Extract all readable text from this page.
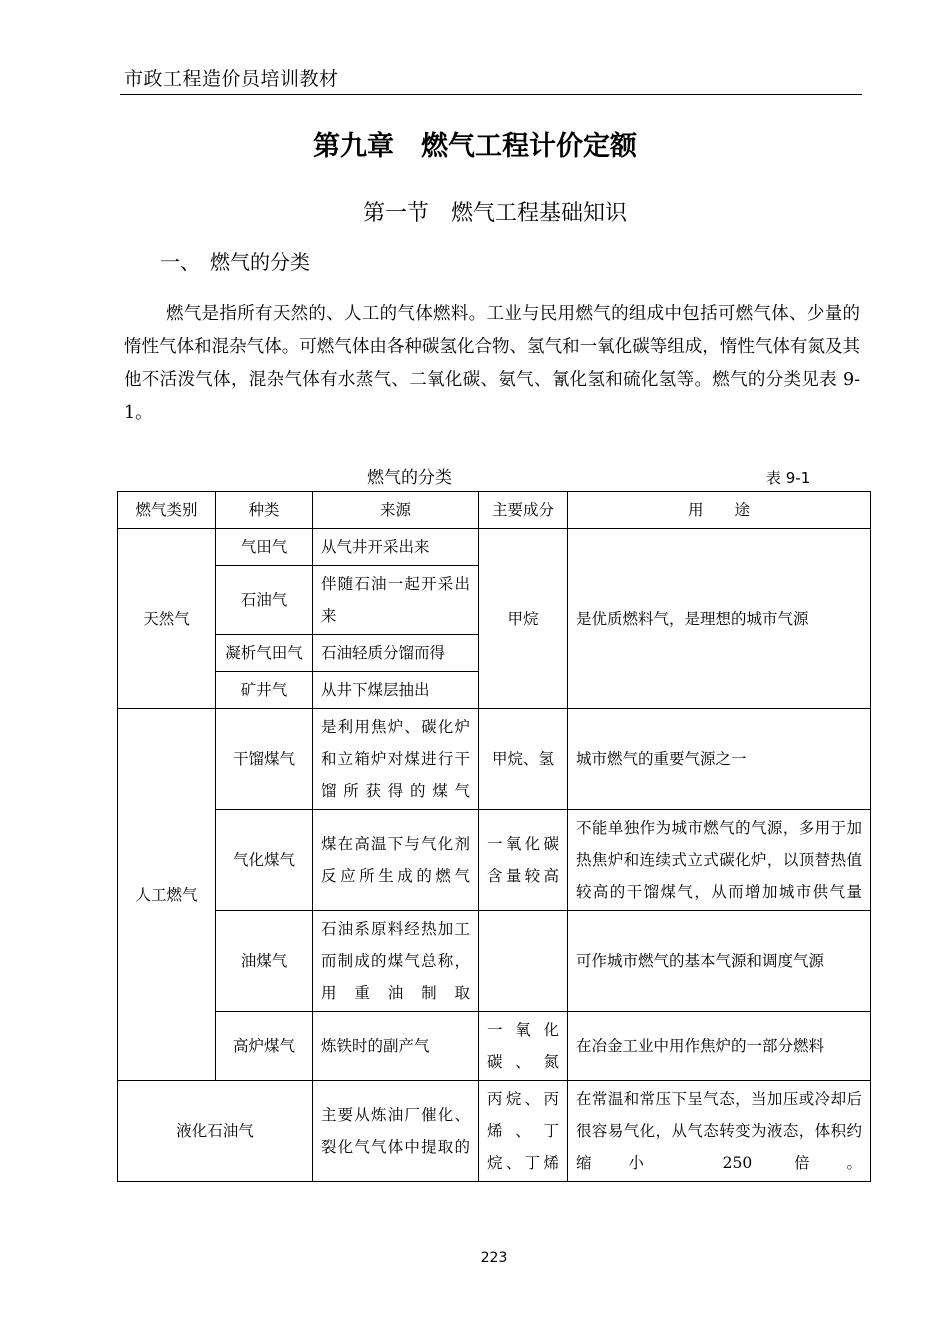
市政工程造价员培训教材
第九章　燃气工程计价定额
第一节　燃气工程基础知识
一、　燃气的分类

燃气是指所有天然的、人工的气体燃料。工业与民用燃气的组成中包括可燃气体、少量的惰性气体和混杂气体。可燃气体由各种碳氢化合物、氢气和一氧化碳等组成，惰性气体有氮及其他不活泼气体，混杂气体有水蒸气、二氧化碳、氨气、氰化氢和硫化氢等。燃气的分类见表 9-1。

燃气的分类	表 9-1
燃气类别	种类	来源	主要成分	用　　途
天然气	气田气	从气井开采出来	甲烷	是优质燃料气，是理想的城市气源
	石油气	伴随石油一起开采出来		
	凝析气田气	石油轻质分馏而得		
	矿井气	从井下煤层抽出		
人工燃气	干馏煤气	是利用焦炉、碳化炉和立箱炉对煤进行干馏所获得的煤气	甲烷、氢	城市燃气的重要气源之一
	气化煤气	煤在高温下与气化剂反应所生成的燃气	一氧化碳含量较高	不能单独作为城市燃气的气源，多用于加热焦炉和连续式立式碳化炉，以顶替热值较高的干馏煤气，从而增加城市供气量
	油煤气	石油系原料经热加工而制成的煤气总称，用重油制取		可作城市燃气的基本气源和调度气源
	高炉煤气	炼铁时的副产气	一氧化碳、氮	在冶金工业中用作焦炉的一部分燃料
液化石油气		主要从炼油厂催化、裂化气气体中提取的	丙烷、丙烯、丁烷、丁烯	在常温和常压下呈气态，当加压或冷却后很容易气化，从气态转变为液态，体积约缩小 250 倍。
223
